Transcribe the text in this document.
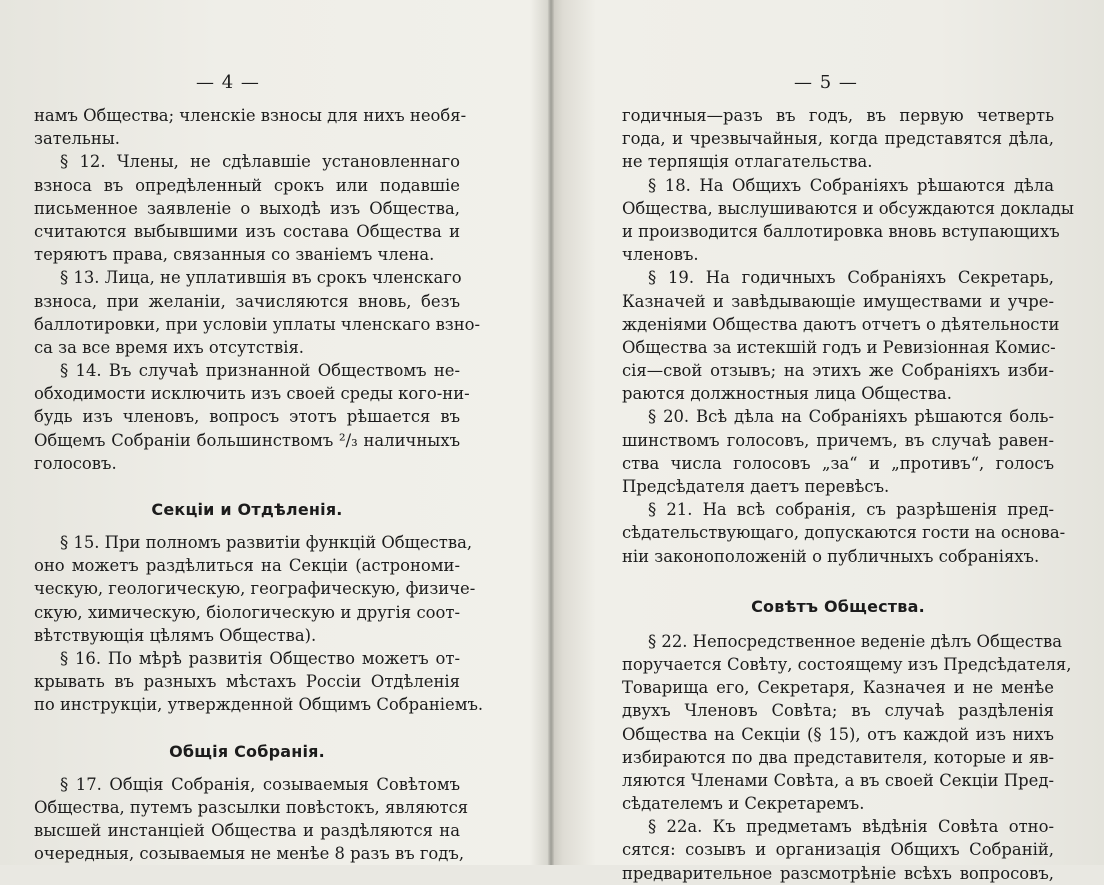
— 4 —
намъ Общества; членскіе взносы для нихъ необя-
зательны.
§ 12. Члены, не сдѣлавшіе установленнаго
взноса въ опредѣленный срокъ или подавшіе
письменное заявленіе о выходѣ изъ Общества,
считаются выбывшими изъ состава Общества и
теряютъ права, связанныя со званіемъ члена.
§ 13. Лица, не уплатившія въ срокъ членскаго
взноса, при желаніи, зачисляются вновь, безъ
баллотировки, при условіи уплаты членскаго взно-
са за все время ихъ отсутствія.
§ 14. Въ случаѣ признанной Обществомъ не-
обходимости исключить изъ своей среды кого-ни-
будь изъ членовъ, вопросъ этотъ рѣшается въ
Общемъ Собраніи большинствомъ ²/₃ наличныхъ
голосовъ.
Секціи и Отдѣленія.
§ 15. При полномъ развитіи функцій Общества,
оно можетъ раздѣлиться на Секціи (астрономи-
ческую, геологическую, географическую, физиче-
скую, химическую, біологическую и другія соот-
вѣтствующія цѣлямъ Общества).
§ 16. По мѣрѣ развитія Общество можетъ от-
крывать въ разныхъ мѣстахъ Россіи Отдѣленія
по инструкціи, утвержденной Общимъ Собраніемъ.
Общія Собранія.
§ 17. Общія Собранія, созываемыя Совѣтомъ
Общества, путемъ разсылки повѣстокъ, являются
высшей инстанціей Общества и раздѣляются на
очередныя, созываемыя не менѣе 8 разъ въ годъ,
— 5 —
годичныя—разъ въ годъ, въ первую четверть
года, и чрезвычайныя, когда представятся дѣла,
не терпящія отлагательства.
§ 18. На Общихъ Собраніяхъ рѣшаются дѣла
Общества, выслушиваются и обсуждаются доклады
и производится баллотировка вновь вступающихъ
членовъ.
§ 19. На годичныхъ Собраніяхъ Секретарь,
Казначей и завѣдывающіе имуществами и учре-
жденіями Общества даютъ отчетъ о дѣятельности
Общества за истекшій годъ и Ревизіонная Комис-
сія—свой отзывъ; на этихъ же Собраніяхъ изби-
раются должностныя лица Общества.
§ 20. Всѣ дѣла на Собраніяхъ рѣшаются боль-
шинствомъ голосовъ, причемъ, въ случаѣ равен-
ства числа голосовъ „за“ и „противъ“, голосъ
Предсѣдателя даетъ перевѣсъ.
§ 21. На всѣ собранія, съ разрѣшенія пред-
сѣдательствующаго, допускаются гости на основа-
ніи законоположеній о публичныхъ собраніяхъ.
Совѣтъ Общества.
§ 22. Непосредственное веденіе дѣлъ Общества
поручается Совѣту, состоящему изъ Предсѣдателя,
Товарища его, Секретаря, Казначея и не менѣе
двухъ Членовъ Совѣта; въ случаѣ раздѣленія
Общества на Секціи (§ 15), отъ каждой изъ нихъ
избираются по два представителя, которые и яв-
ляются Членами Совѣта, а въ своей Секціи Пред-
сѣдателемъ и Секретаремъ.
§ 22а. Къ предметамъ вѣдѣнія Совѣта отно-
сятся: созывъ и организація Общихъ Собраній,
предварительное разсмотрѣніе всѣхъ вопросовъ,
